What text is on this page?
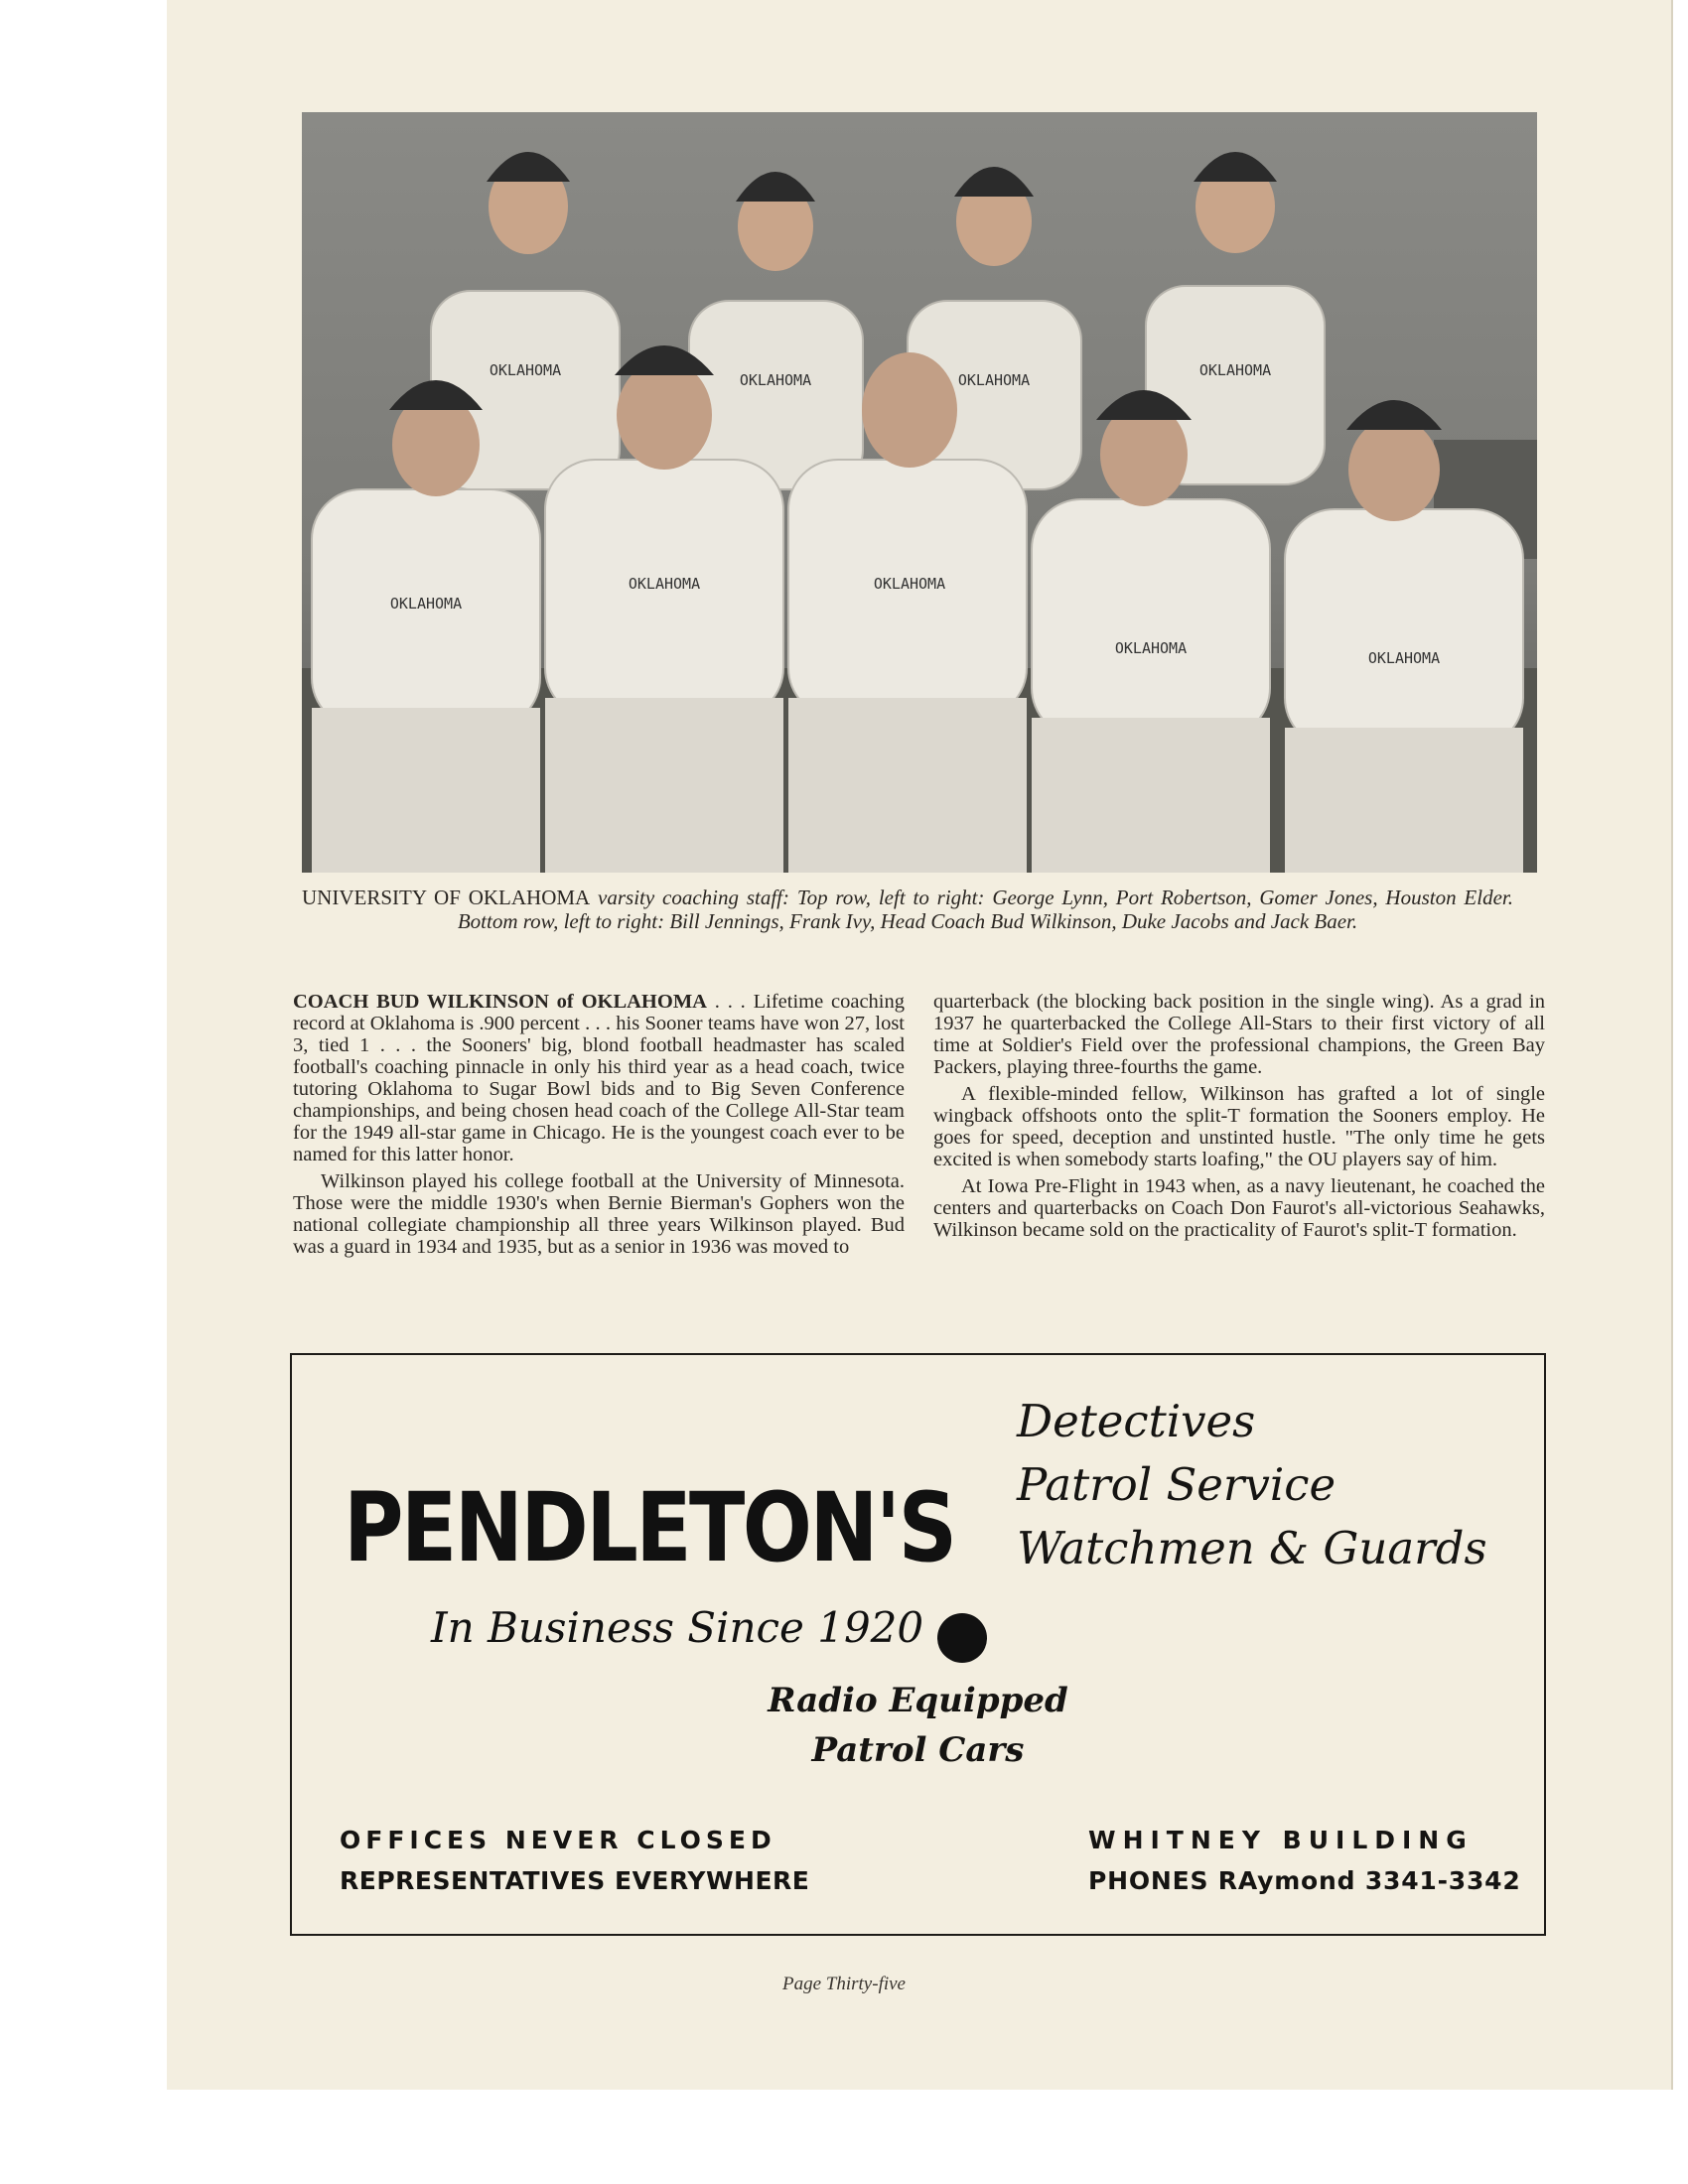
OKLAHOMA
OKLAHOMA	OKLAHOMA
OKLAHOMA
OKLAHOMA
OKLAHOMA	OKLAHOMA
OKLAHOMA
OKLAHOMA
UNIVERSITY OF OKLAHOMA varsity coaching staff: Top row, left to right: George Lynn, Port Robertson, Gomer Jones, Houston Elder. Bottom row, left to right: Bill Jennings, Frank Ivy, Head Coach Bud Wilkinson, Duke Jacobs and Jack Baer.

COACH BUD WILKINSON of OKLAHOMA . . . Lifetime coaching record at Oklahoma is .900 percent . . . his Sooner teams have won 27, lost 3, tied 1 . . . the Sooners' big, blond football headmaster has scaled football's coaching pinnacle in only his third year as a head coach, twice tutoring Oklahoma to Sugar Bowl bids and to Big Seven Conference championships, and being chosen head coach of the College All-Star team for the 1949 all-star game in Chicago. He is the youngest coach ever to be named for this latter honor.

Wilkinson played his college football at the University of Minnesota. Those were the middle 1930's when Bernie Bierman's Gophers won the national collegiate championship all three years Wilkinson played. Bud was a guard in 1934 and 1935, but as a senior in 1936 was moved to

quarterback (the blocking back position in the single wing). As a grad in 1937 he quarterbacked the College All-Stars to their first victory of all time at Soldier's Field over the professional champions, the Green Bay Packers, playing three-fourths the game.

A flexible-minded fellow, Wilkinson has grafted a lot of single wingback offshoots onto the split-T formation the Sooners employ. He goes for speed, deception and unstinted hustle. "The only time he gets excited is when somebody starts loafing," the OU players say of him.

At Iowa Pre-Flight in 1943 when, as a navy lieutenant, he coached the centers and quarterbacks on Coach Don Faurot's all-victorious Seahawks, Wilkinson became sold on the practicality of Faurot's split-T formation.

PENDLETON'S
In Business Since 1920
Detectives
Patrol Service
Watchmen & Guards
Radio Equipped
Patrol Cars
OFFICES NEVER CLOSED
REPRESENTATIVES EVERYWHERE
WHITNEY BUILDING
PHONES RAymond 3341-3342
Page Thirty-five
